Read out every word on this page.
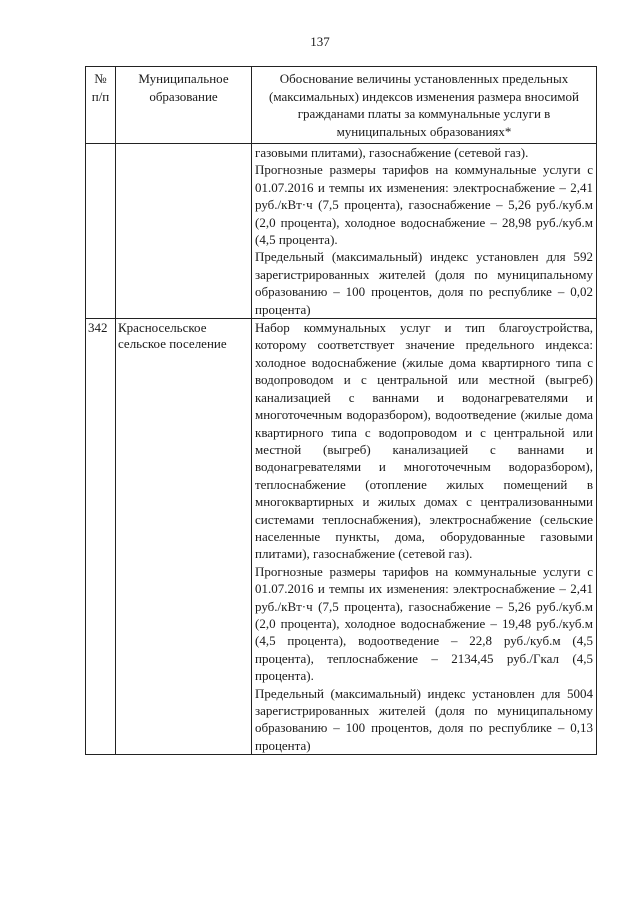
137
№ п/п	Муниципальное образование	Обоснование величины установленных предельных (максимальных) индексов изменения размера вносимой гражданами платы за коммунальные услуги в муниципальных образованиях*

		газовыми плитами), газоснабжение (сетевой газ).

Прогнозные размеры тарифов на коммунальные услуги с 01.07.2016 и темпы их изменения: электроснабжение – 2,41 руб./кВт·ч (7,5 процента), газоснабжение – 5,26 руб./куб.м (2,0 процента), холодное водоснабжение – 28,98 руб./куб.м (4,5 процента).

Предельный (максимальный) индекс установлен для 592 зарегистрированных жителей (доля по муниципальному образованию – 100 процентов, доля по республике – 0,02 процента)

342	Красносельское сельское поселение	Набор коммунальных услуг и тип благоустройства, которому соответствует значение предельного индекса: холодное водоснабжение (жилые дома квартирного типа с водопроводом и с центральной или местной (выгреб) канализацией с ваннами и водонагревателями и многоточечным водоразбором), водоотведение (жилые дома квартирного типа с водопроводом и с центральной или местной (выгреб) канализацией с ваннами и водонагревателями и многоточечным водоразбором), теплоснабжение (отопление жилых помещений в многоквартирных и жилых домах с централизованными системами теплоснабжения), электроснабжение (сельские населенные пункты, дома, оборудованные газовыми плитами), газоснабжение (сетевой газ).

Прогнозные размеры тарифов на коммунальные услуги с 01.07.2016 и темпы их изменения: электроснабжение – 2,41 руб./кВт·ч (7,5 процента), газоснабжение – 5,26 руб./куб.м (2,0 процента), холодное водоснабжение – 19,48 руб./куб.м (4,5 процента), водоотведение – 22,8 руб./куб.м (4,5 процента), теплоснабжение – 2134,45 руб./Гкал (4,5 процента).

Предельный (максимальный) индекс установлен для 5004 зарегистрированных жителей (доля по муниципальному образованию – 100 процентов, доля по республике – 0,13 процента)
